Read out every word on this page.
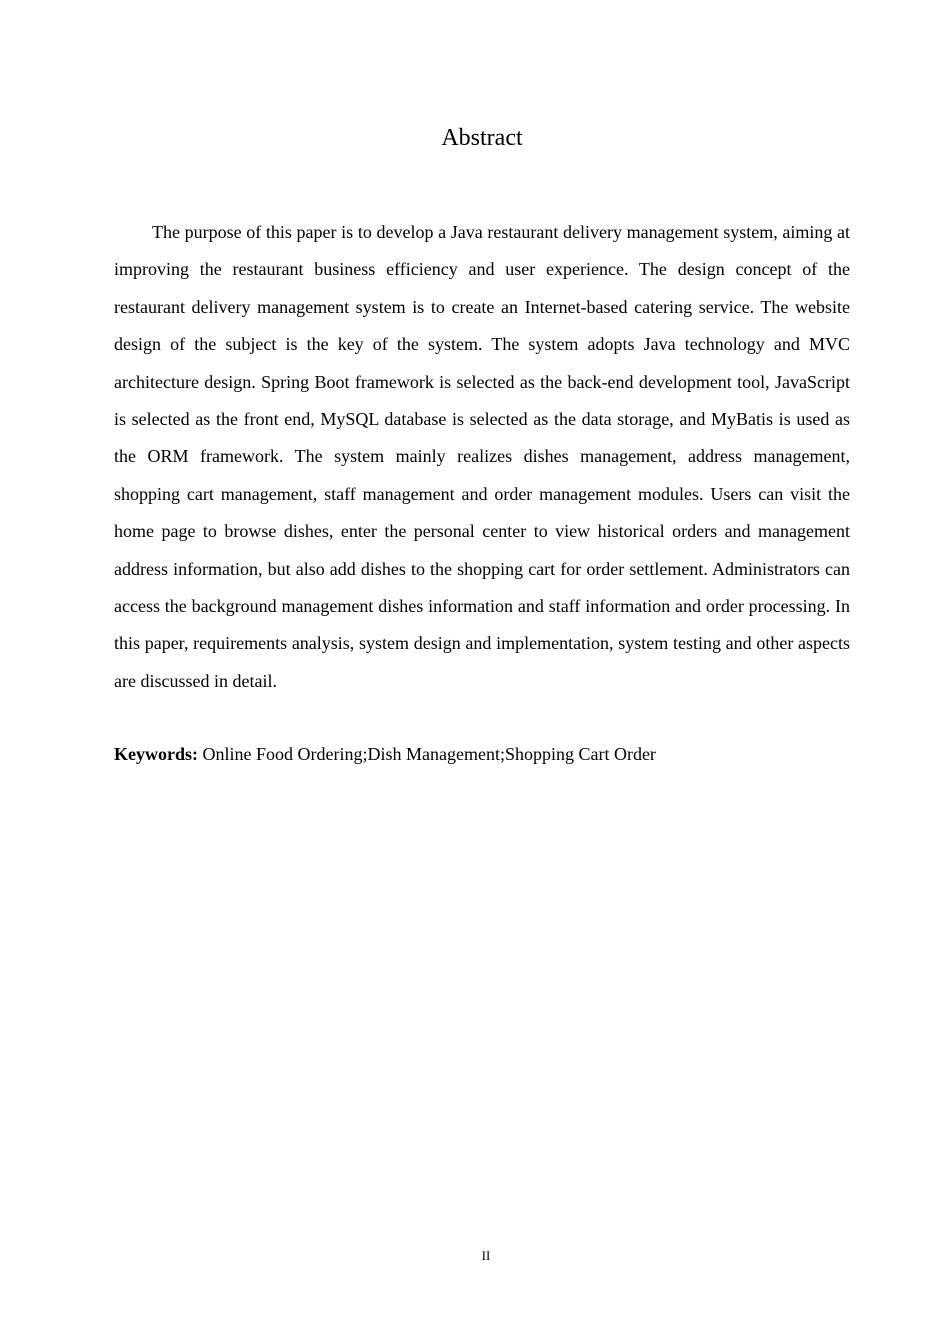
Abstract

The purpose of this paper is to develop a Java restaurant delivery management system, aiming at improving the restaurant business efficiency and user experience. The design concept of the restaurant delivery management system is to create an Internet-based catering service. The website design of the subject is the key of the system. The system adopts Java technology and MVC architecture design. Spring Boot framework is selected as the back-end development tool, JavaScript is selected as the front end, MySQL database is selected as the data storage, and MyBatis is used as the ORM framework. The system mainly realizes dishes management, address management, shopping cart management, staff management and order management modules. Users can visit the home page to browse dishes, enter the personal center to view historical orders and management address information, but also add dishes to the shopping cart for order settlement. Administrators can access the background management dishes information and staff information and order processing. In this paper, requirements analysis, system design and implementation, system testing and other aspects are discussed in detail.

Keywords: Online Food Ordering;Dish Management;Shopping Cart Order

II
